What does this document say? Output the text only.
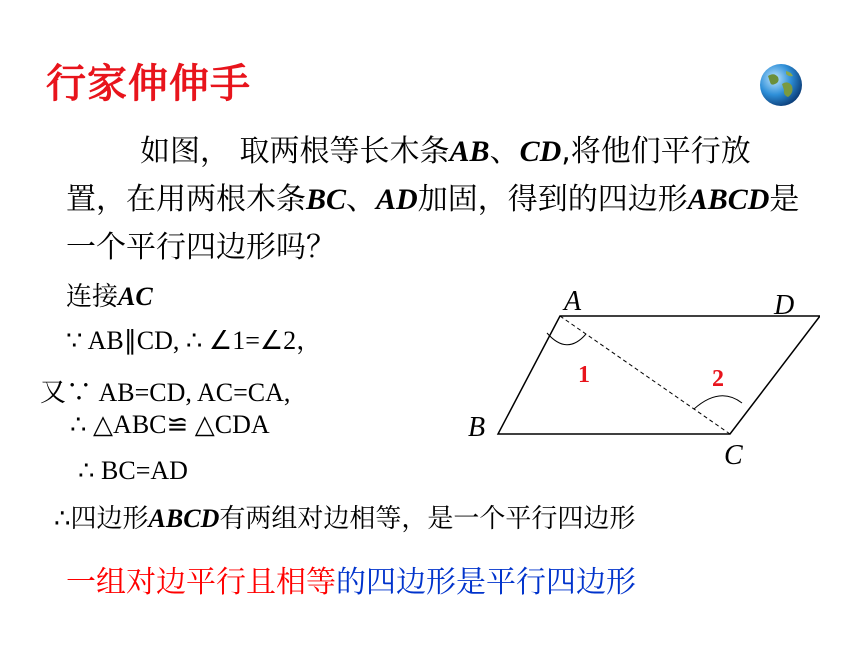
行家伸伸手

如图， 取两根等长木条AB、CD,将他们平行放置，在用两根木条BC、AD加固，得到的四边形ABCD是一个平行四边形吗？

连接AC
∵ AB∥CD, ∴ ∠1=∠2，
又∵ AB=CD, AC=CA,
∴ △ABC≌ △CDA
∴ BC=AD
∴四边形ABCD有两组对边相等，是一个平行四边形
一组对边平行且相等的四边形是平行四边形
A	D
B
C
1	2
